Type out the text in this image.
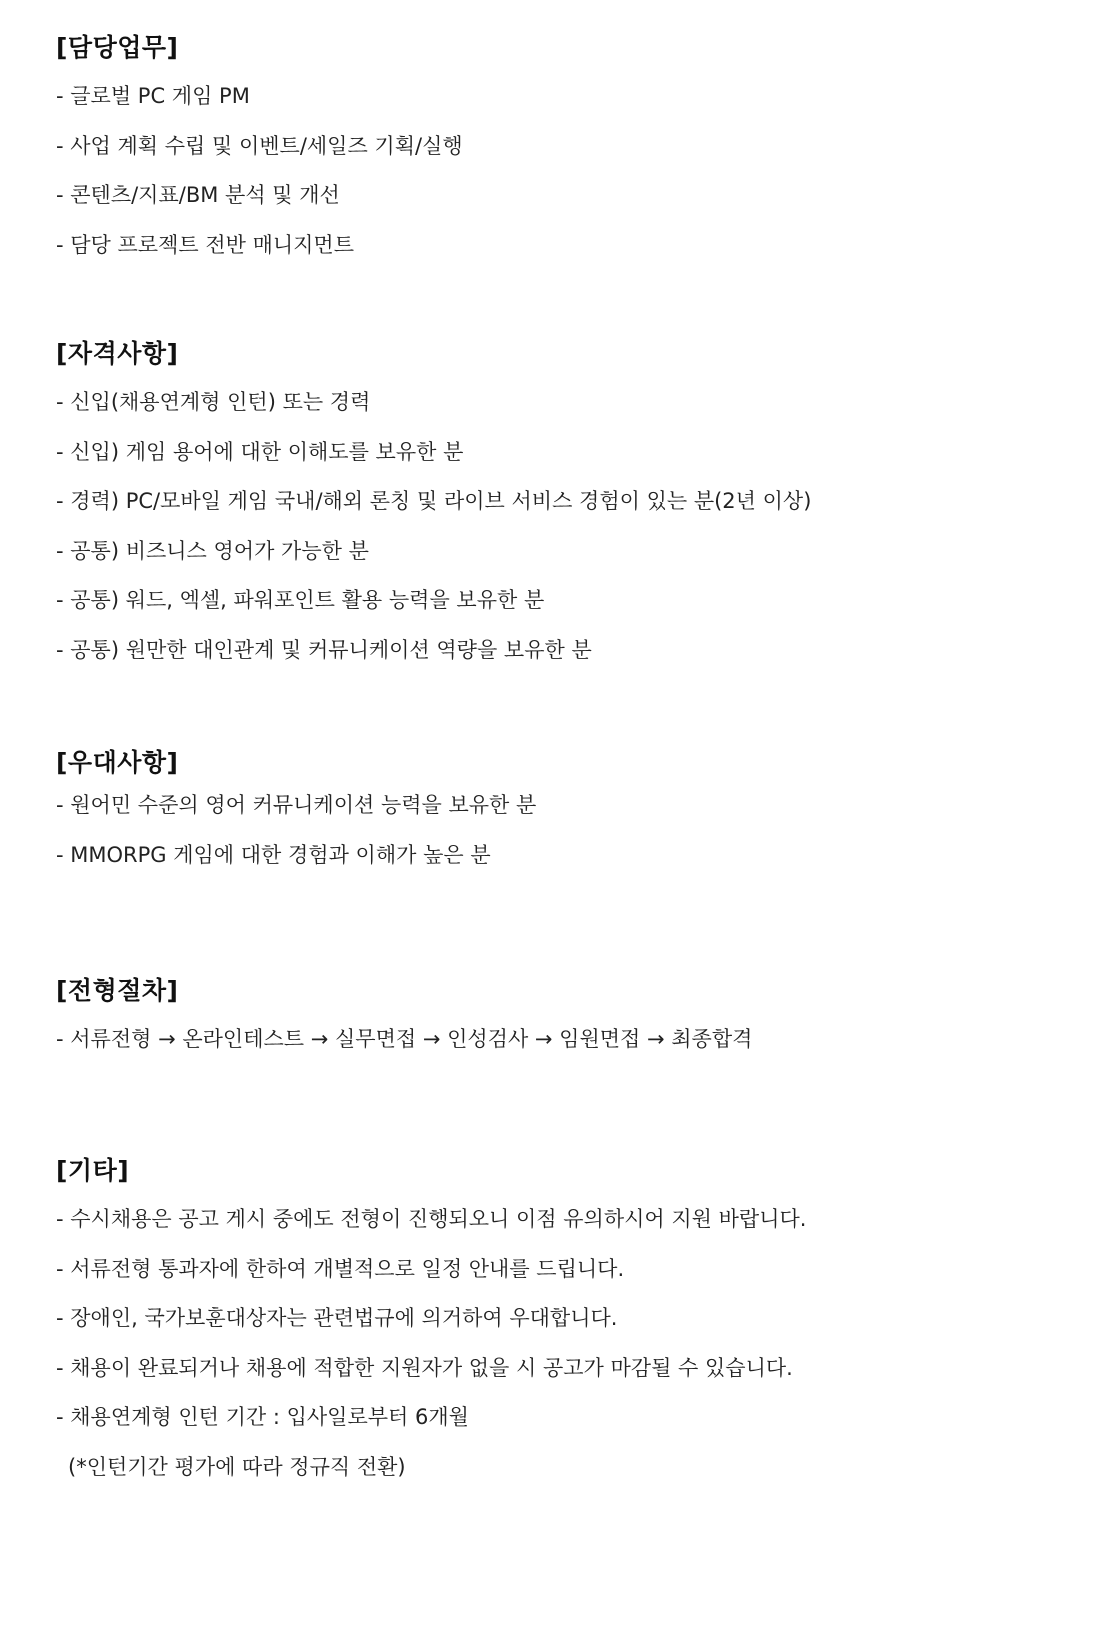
[담당업무]

- 글로벌 PC 게임 PM

- 사업 계획 수립 및 이벤트/세일즈 기획/실행

- 콘텐츠/지표/BM 분석 및 개선

- 담당 프로젝트 전반 매니지먼트

[자격사항]

- 신입(채용연계형 인턴) 또는 경력

- 신입) 게임 용어에 대한 이해도를 보유한 분

- 경력) PC/모바일 게임 국내/해외 론칭 및 라이브 서비스 경험이 있는 분(2년 이상)

- 공통) 비즈니스 영어가 가능한 분

- 공통) 워드, 엑셀, 파워포인트 활용 능력을 보유한 분

- 공통) 원만한 대인관계 및 커뮤니케이션 역량을 보유한 분

[우대사항]

- 원어민 수준의 영어 커뮤니케이션 능력을 보유한 분

- MMORPG 게임에 대한 경험과 이해가 높은 분

[전형절차]

- 서류전형 → 온라인테스트 → 실무면접 → 인성검사 → 임원면접 → 최종합격

[기타]

- 수시채용은 공고 게시 중에도 전형이 진행되오니 이점 유의하시어 지원 바랍니다.

- 서류전형 통과자에 한하여 개별적으로 일정 안내를 드립니다.

- 장애인, 국가보훈대상자는 관련법규에 의거하여 우대합니다.

- 채용이 완료되거나 채용에 적합한 지원자가 없을 시 공고가 마감될 수 있습니다.

- 채용연계형 인턴 기간 : 입사일로부터 6개월

(*인턴기간 평가에 따라 정규직 전환)
